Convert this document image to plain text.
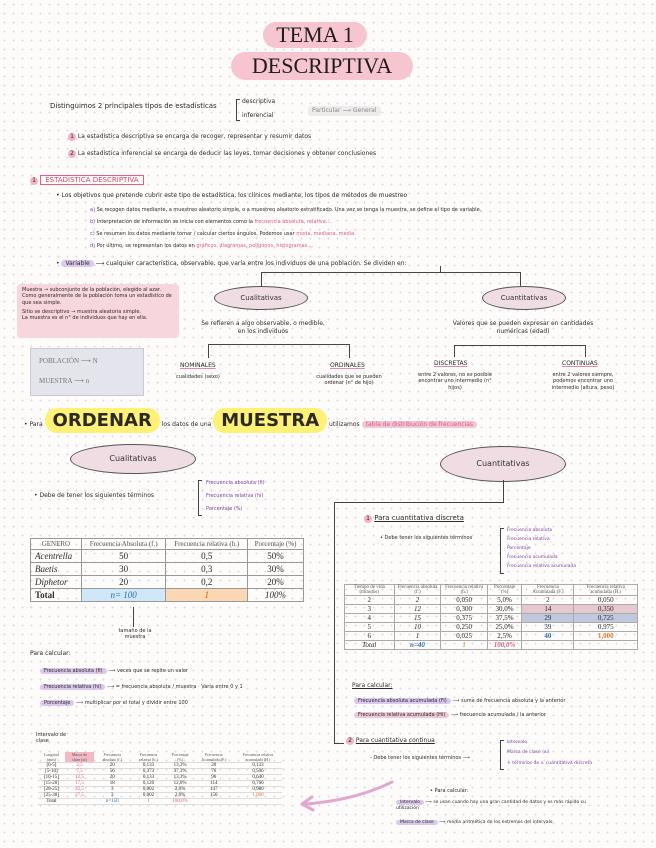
TEMA 1
DESCRIPTIVA
Distinguimos 2 principales tipos de estadísticas
descriptiva
inferencial
Particular ⟶ General
1 La estadística descriptiva se encarga de recoger, representar y resumir datos
2 La estadística inferencial se encarga de deducir las leyes, tomar decisiones y obtener conclusiones
1 ESTADÍSTICA DESCRIPTIVA
• Los objetivos que pretende cubrir este tipo de estadística, los clínicos mediante, los tipos de métodos de muestreo
a) Se recogen datos mediante, a muestreo aleatorio simple, o a muestreo aleatorio estratificado. Una vez se tenga la muestra, se define el tipo de variable.
b) Interpretación de información se inicia con elementos como la frecuencia absoluta, relativa....
c) Se resumen los datos mediante tomar / calcular ciertos ángulos. Podemos usar moda, mediana, media.
d) Por último, se representan los datos en gráficos, diagramas, polígonos, histogramas....
• Variable ⟶ cualquier característica, observable, que varía entre los individuos de una población. Se dividen en:
Muestra → subconjunto de la población, elegido al azar. Como generalmente de la población toma un estadístico de que sea simple.
Sitio se descriptivo → muestra aleatoria simple.
La muestra es el n° de individuos que hay en ella.
POBLACIÓN ⟶ N
MUESTRA ⟶ n
Cualitativas
Se refieren a algo observable, o medible, en los individuos
NOMINALES
cualidades (sexo)
ORDINALES
cualidades que se pueden ordenar (n° de hijo)
Cuantitativas
Valores que se pueden expresar en cantidades numéricas (edad)
DISCRETAS
entre 2 valores, no es posible encontrar uno intermedio (n° hijos)
CONTINUAS
entre 2 valores siempre, podemos encontrar uno intermedio (altura, peso)
• Para ORDENAR los datos de una MUESTRA utilizamos tabla de distribución de frecuencias
Cualitativas
• Debe de tener los siguientes términos
Frecuencia absoluta (fi)
Frecuencia relativa (hi)
Porcentaje (%)
GENERO	Frecuencia Absoluta (f.)	Frecuencia relativa (h.)	Porcentaje (%)
Acentrella	50	0,5	50%
Baetis	30	0,3	30%
Diphetor	20	0,2	20%
Total	n= 100	1	100%
tamaño de la muestra
Para calcular:
Frecuencia absoluta (fi) ⟶ veces que se repite un valor
Frecuencia relativa (hi) ⟶ = frecuencia absoluta / muestra · Varía entre 0 y 1
Porcentaje ⟶ multiplicar por el total y dividir entre 100
Cuantitativas
1 Para cuantitativa discreta
• Debe tener los siguientes términos
Frecuencia absoluta
Frecuencia relativa
Porcentaje
Frecuencia acumulada
Frecuencia relativa acumulada
Tiempo de vida (minutos)	Frecuencia absoluta (f.)	Frecuencia relativa (h.)	Porcentaje (%)	Frecuencia Acumulada (F.)	Frecuencia relativa acumulada (H.)
2	2	0,050	5,0%	2	0,050
3	12	0,300	30,0%	14	0,350
4	15	0,375	37,5%	29	0,725
5	10	0,250	25,0%	39	0,975
6	1	0,025	2,5%	40	1,000
Total	n=40	1	100,0%		
Para calcular:
Frecuencia absoluta acumulada (Fi) ⟶ suma de frecuencia absoluta y la anterior
Frecuencia relativa acumulada (Hi) ⟶ frecuencia acumulada / la anterior
2 Para cuantitativa continua
- Debe tener los siguientes términos ⟶
Intervalo
Marca de clase (xi)
+ términos de v. cuantitativa discreta
• Para calcular:
Intervalo ⟶ se usan cuando hay una gran cantidad de datos y es más rápido su utilización
Marca de clase ⟶ media aritmética de los extremos del intervalo
Intervalo de clase
Longitud (mm)	Marca de clase (xi)	Frecuencia absoluta (f.)	Frecuencia relativa (h.)	Porcentaje (%)	Frecuencia Acumulada (F.)	Frecuencia relativa acumulada (H.)
[0-5]	2,5	20	0,133	13,3%	20	0,133
[5-10]	7,5	56	0,373	37,3%	76	0,506
[10-15]	12,5	20	0,133	13,3%	96	0,640
[15-20]	17,5	18	0,120	12,0%	114	0,760
[20-25]	22,5	3	0,002	2,0%	147	0,980
[25-30]	27,5	3	0,002	2,0%	150	1,000
Total		n=150	1	100,0%		
